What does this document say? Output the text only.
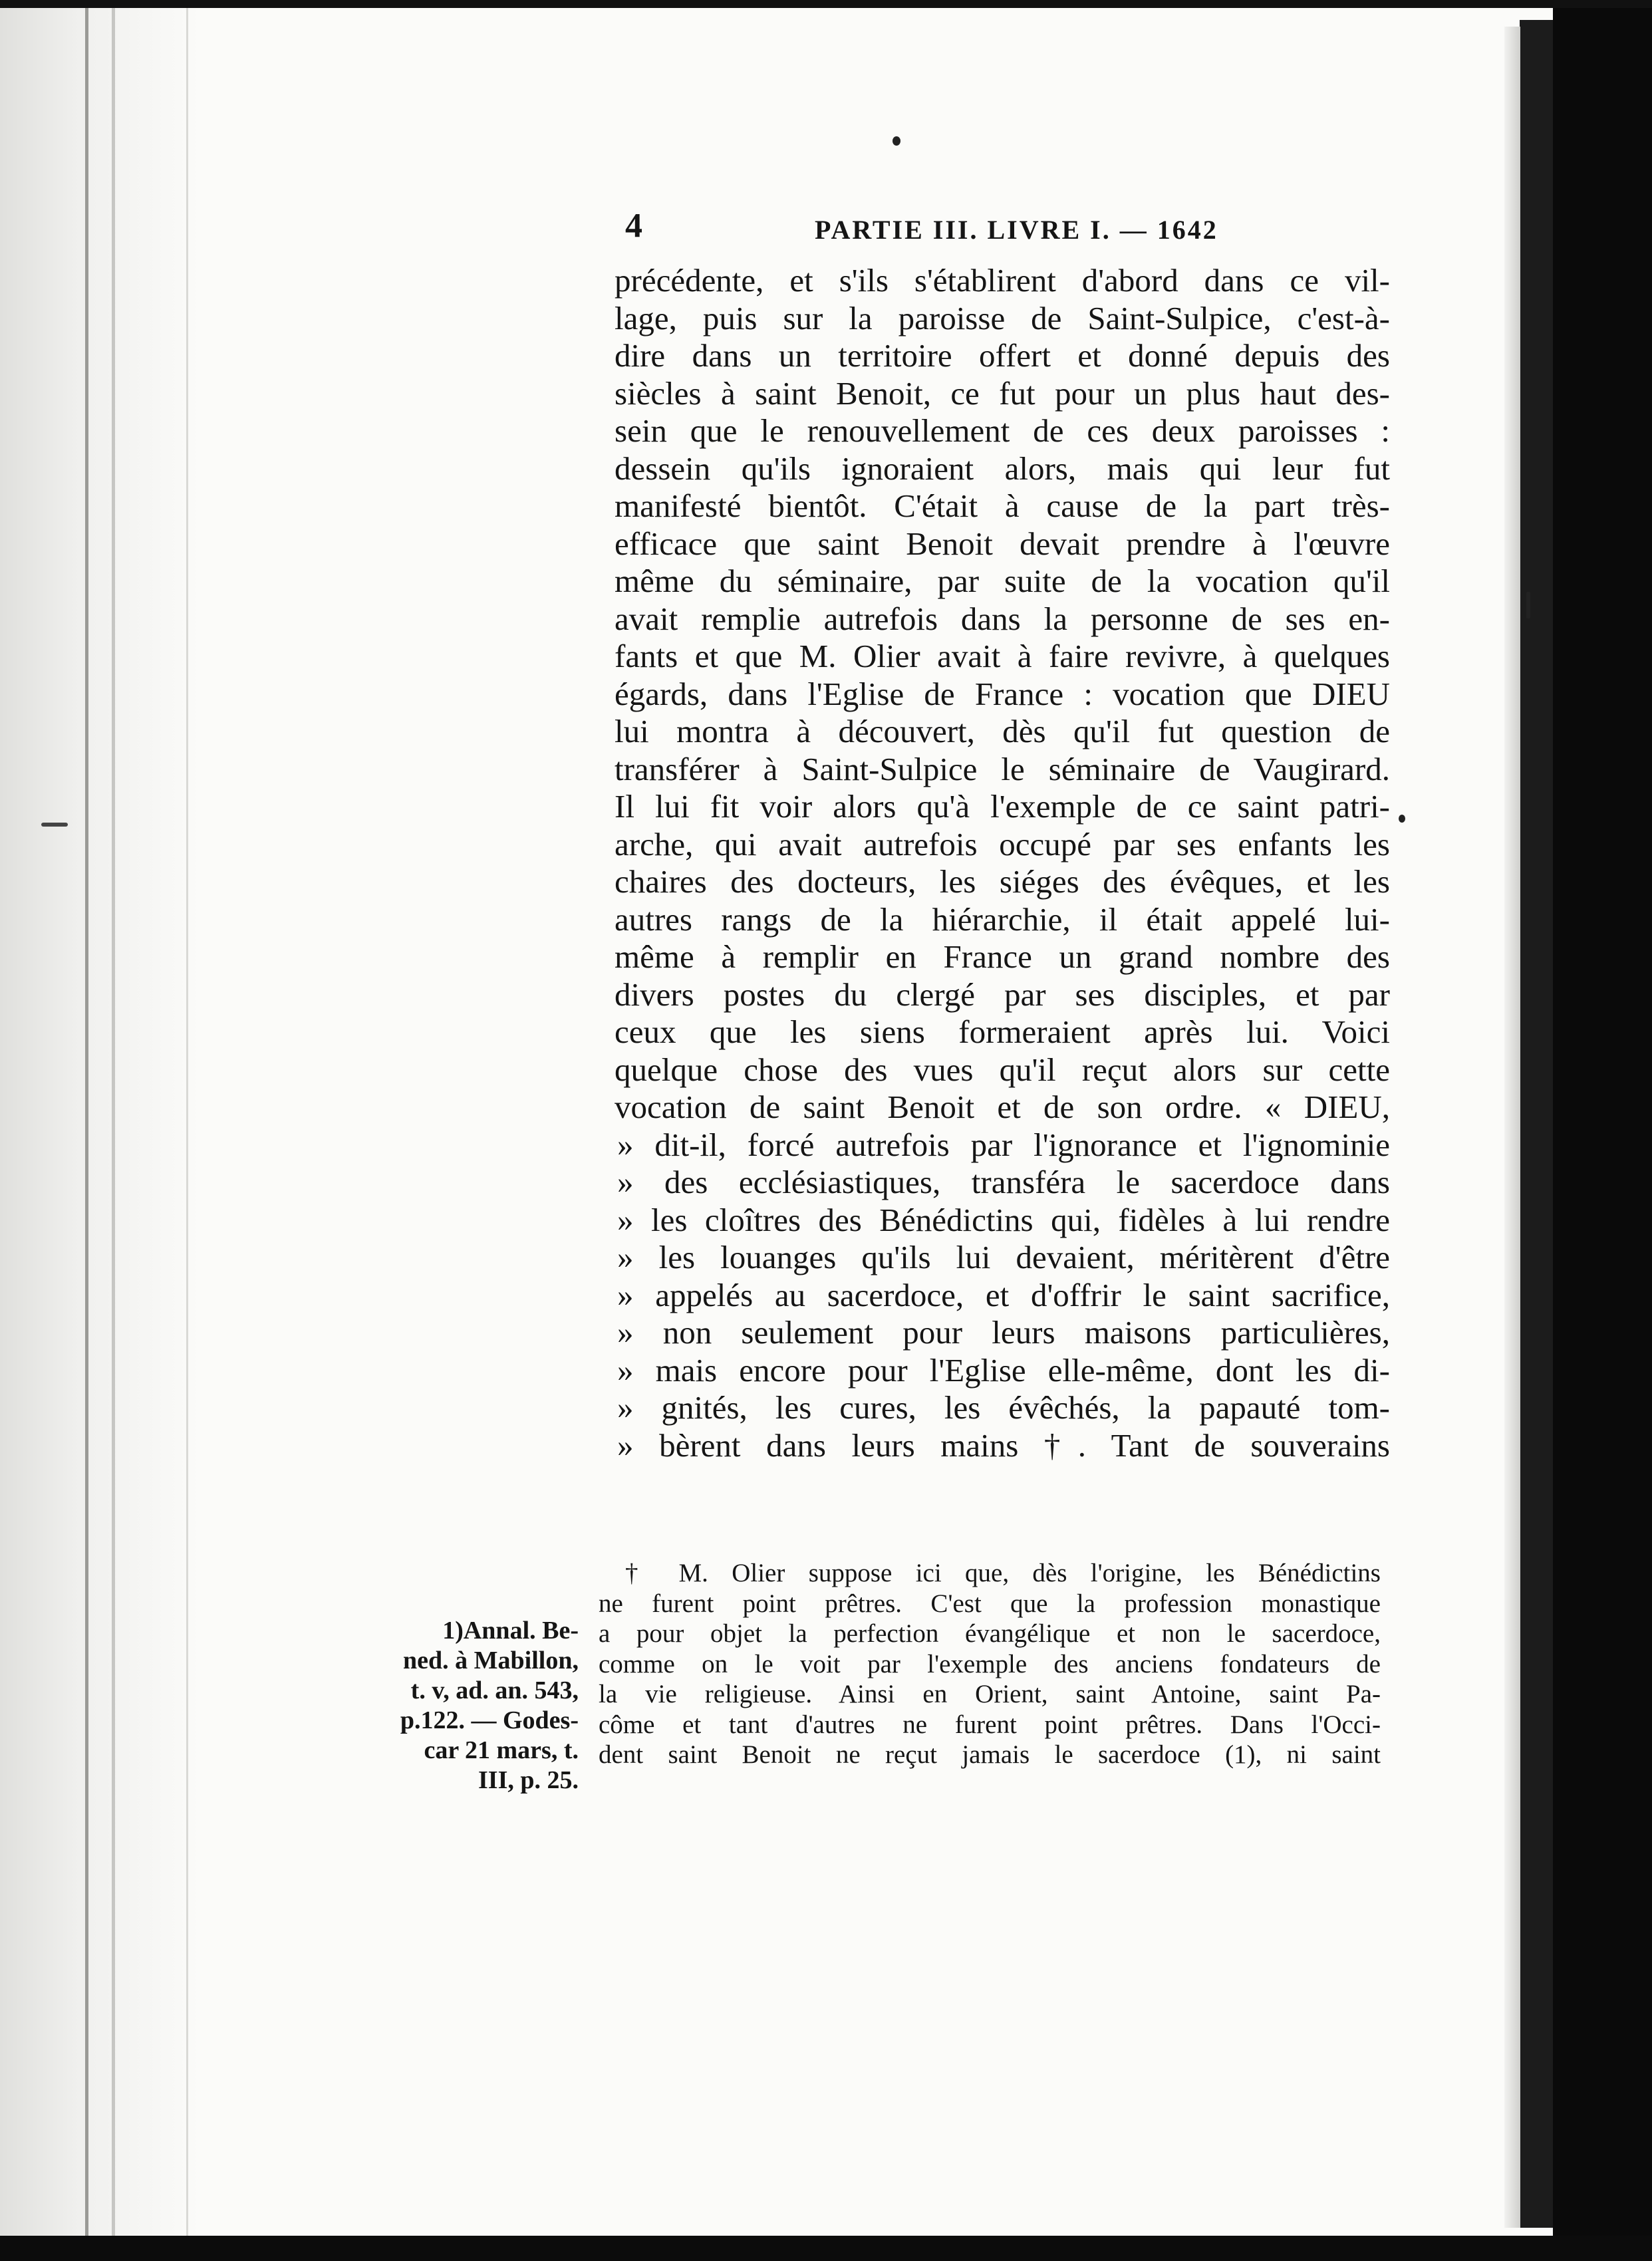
4	PARTIE III. LIVRE I. — 1642
précédente, et s'ils s'établirent d'abord dans ce vil-
lage, puis sur la paroisse de Saint-Sulpice, c'est-à-
dire dans un territoire offert et donné depuis des
siècles à saint Benoit, ce fut pour un plus haut des-
sein que le renouvellement de ces deux paroisses :
dessein qu'ils ignoraient alors, mais qui leur fut
manifesté bientôt. C'était à cause de la part très-
efficace que saint Benoit devait prendre à l'œuvre
même du séminaire, par suite de la vocation qu'il
avait remplie autrefois dans la personne de ses en-
fants et que M. Olier avait à faire revivre, à quelques
égards, dans l'Eglise de France : vocation que DIEU
lui montra à découvert, dès qu'il fut question de
transférer à Saint-Sulpice le séminaire de Vaugirard.
Il lui fit voir alors qu'à l'exemple de ce saint patri-
arche, qui avait autrefois occupé par ses enfants les
chaires des docteurs, les siéges des évêques, et les
autres rangs de la hiérarchie, il était appelé lui-
même à remplir en France un grand nombre des
divers postes du clergé par ses disciples, et par
ceux que les siens formeraient après lui. Voici
quelque chose des vues qu'il reçut alors sur cette
vocation de saint Benoit et de son ordre. « DIEU,
» dit-il, forcé autrefois par l'ignorance et l'ignominie
» des ecclésiastiques, transféra le sacerdoce dans
» les cloîtres des Bénédictins qui, fidèles à lui rendre
» les louanges qu'ils lui devaient, méritèrent d'être
» appelés au sacerdoce, et d'offrir le saint sacrifice,
» non seulement pour leurs maisons particulières,
» mais encore pour l'Eglise elle-même, dont les di-
» gnités, les cures, les évêchés, la papauté tom-
» bèrent dans leurs mains †. Tant de souverains
† M. Olier suppose ici que, dès l'origine, les Bénédictins
ne furent point prêtres. C'est que la profession monastique
a pour objet la perfection évangélique et non le sacerdoce,
comme on le voit par l'exemple des anciens fondateurs de
la vie religieuse. Ainsi en Orient, saint Antoine, saint Pa-
côme et tant d'autres ne furent point prêtres. Dans l'Occi-
dent saint Benoit ne reçut jamais le sacerdoce (1), ni saint
1)Annal. Be-
ned. à Mabillon,
t. v, ad. an. 543,
p.122. — Godes-
car 21 mars, t.
III, p. 25.
